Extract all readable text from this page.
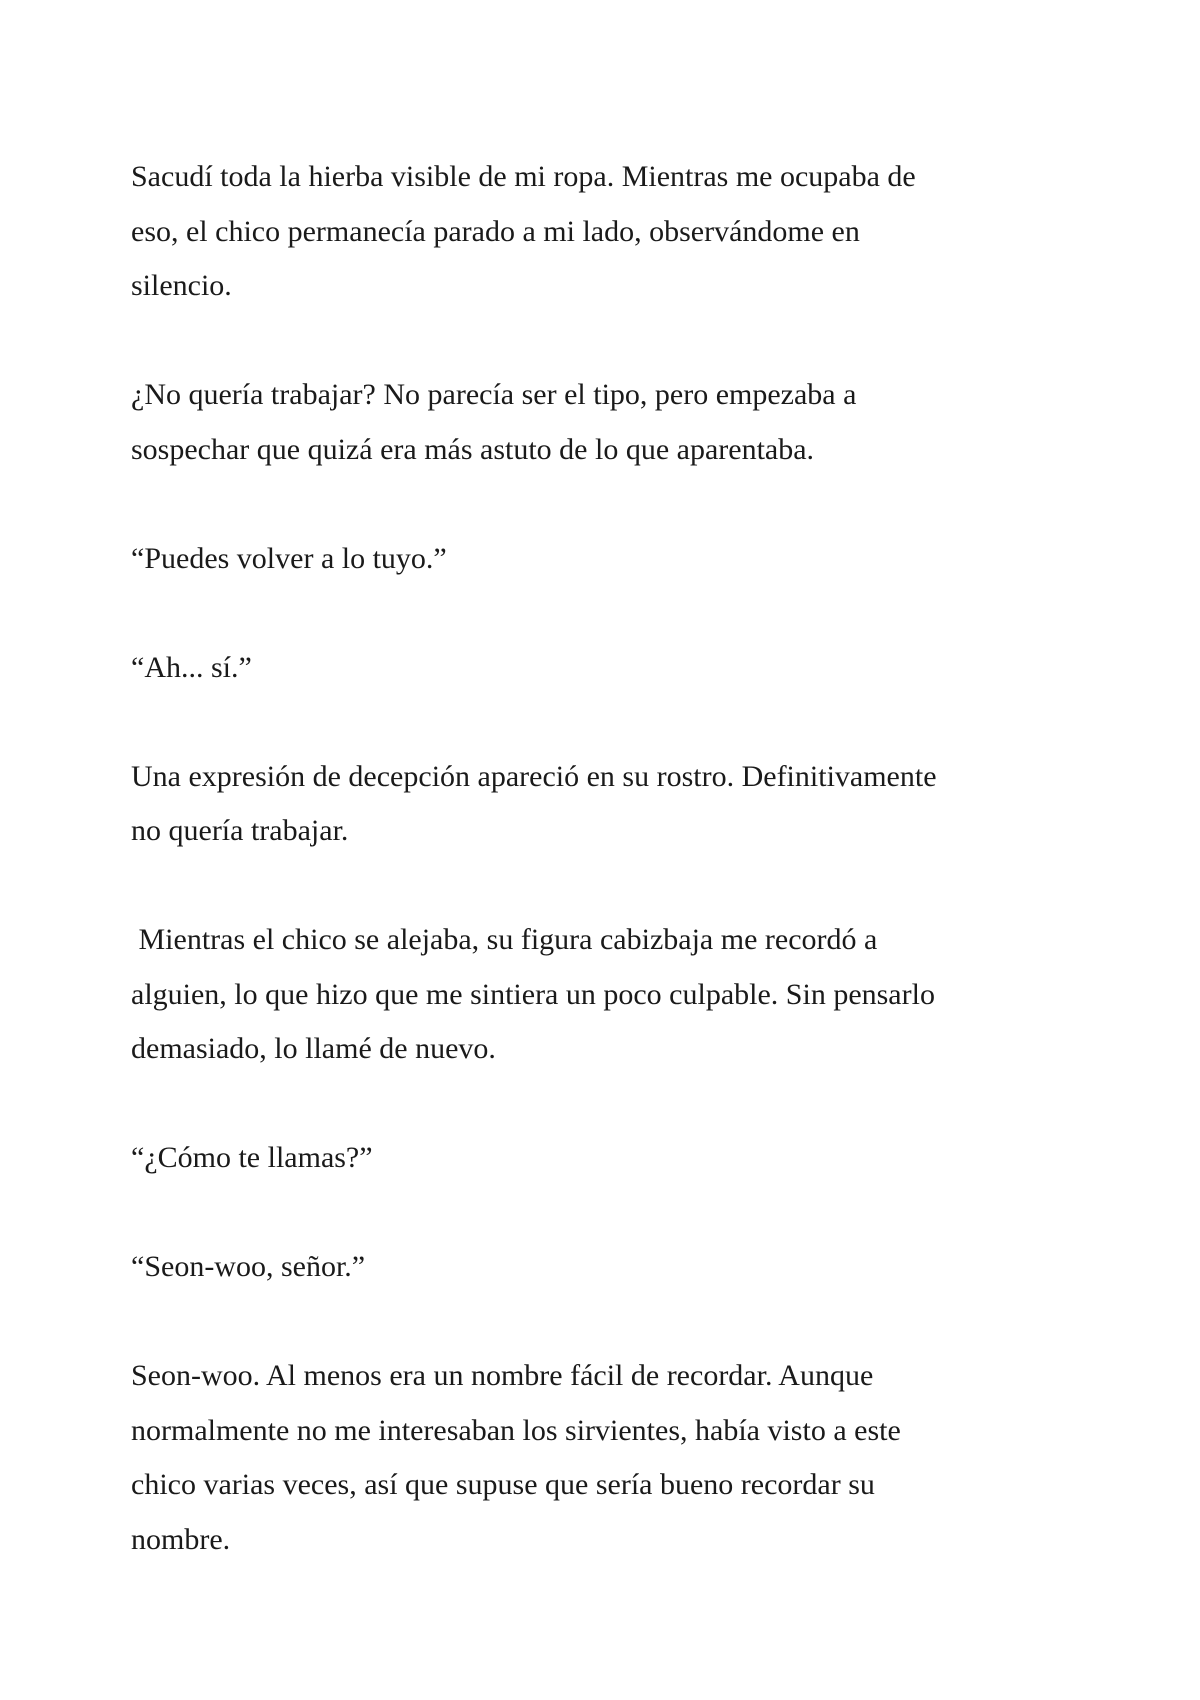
Sacudí toda la hierba visible de mi ropa. Mientras me ocupaba de
eso, el chico permanecía parado a mi lado, observándome en
silencio.

¿No quería trabajar? No parecía ser el tipo, pero empezaba a
sospechar que quizá era más astuto de lo que aparentaba.

“Puedes volver a lo tuyo.”

“Ah... sí.”

Una expresión de decepción apareció en su rostro. Definitivamente
no quería trabajar.

Mientras el chico se alejaba, su figura cabizbaja me recordó a
alguien, lo que hizo que me sintiera un poco culpable. Sin pensarlo
demasiado, lo llamé de nuevo.

“¿Cómo te llamas?”

“Seon-woo, señor.”

Seon-woo. Al menos era un nombre fácil de recordar. Aunque
normalmente no me interesaban los sirvientes, había visto a este
chico varias veces, así que supuse que sería bueno recordar su
nombre.
